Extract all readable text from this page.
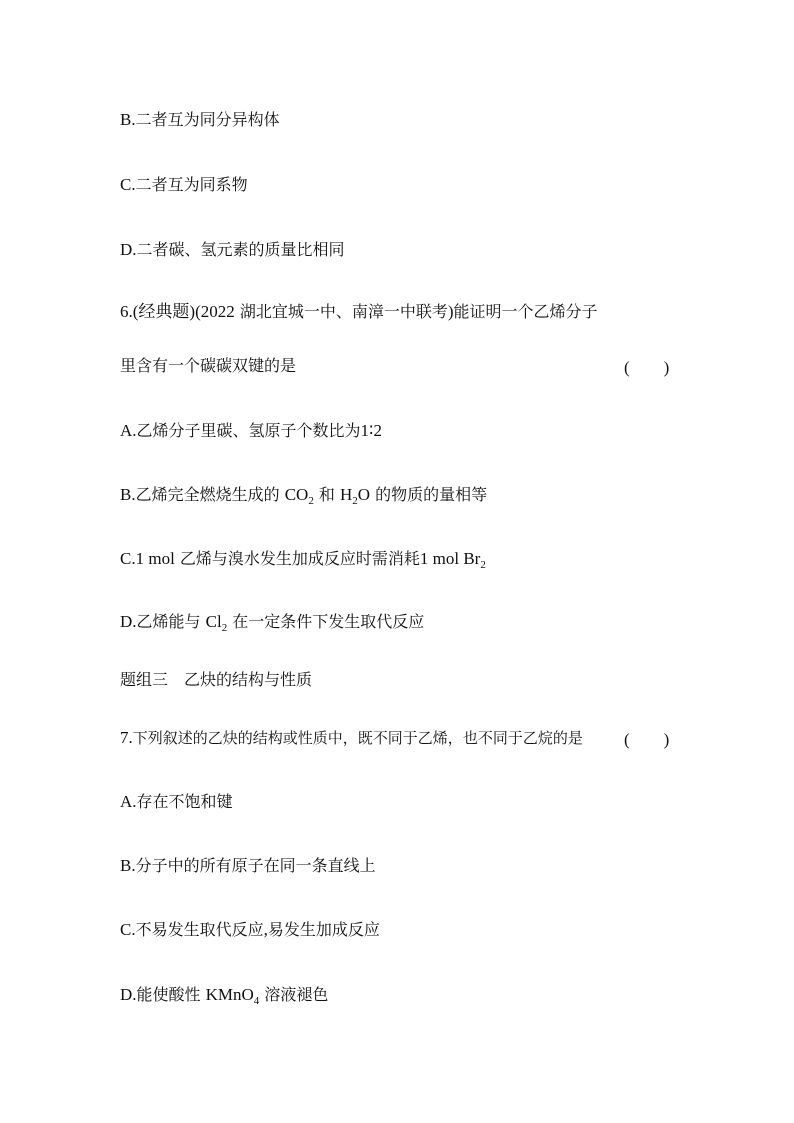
B.二者互为同分异构体
C.二者互为同系物
D.二者碳、氢元素的质量比相同
6.(经典题)(2022 湖北宜城一中、南漳一中联考)能证明一个乙烯分子
里含有一个碳碳双键的是	( )
A.乙烯分子里碳、氢原子个数比为1∶2
B.乙烯完全燃烧生成的 $CO_2$ 和 $H_2O$ 的物质的量相等
C.1 mol 乙烯与溴水发生加成反应时需消耗1 mol $Br_2$
D.乙烯能与 $Cl_2$ 在一定条件下发生取代反应
题组三　乙炔的结构与性质
7.下列叙述的乙炔的结构或性质中，既不同于乙烯，也不同于乙烷的是 ( )
A.存在不饱和键
B.分子中的所有原子在同一条直线上
C.不易发生取代反应,易发生加成反应
D.能使酸性 KMnO$_4$ 溶液褪色
